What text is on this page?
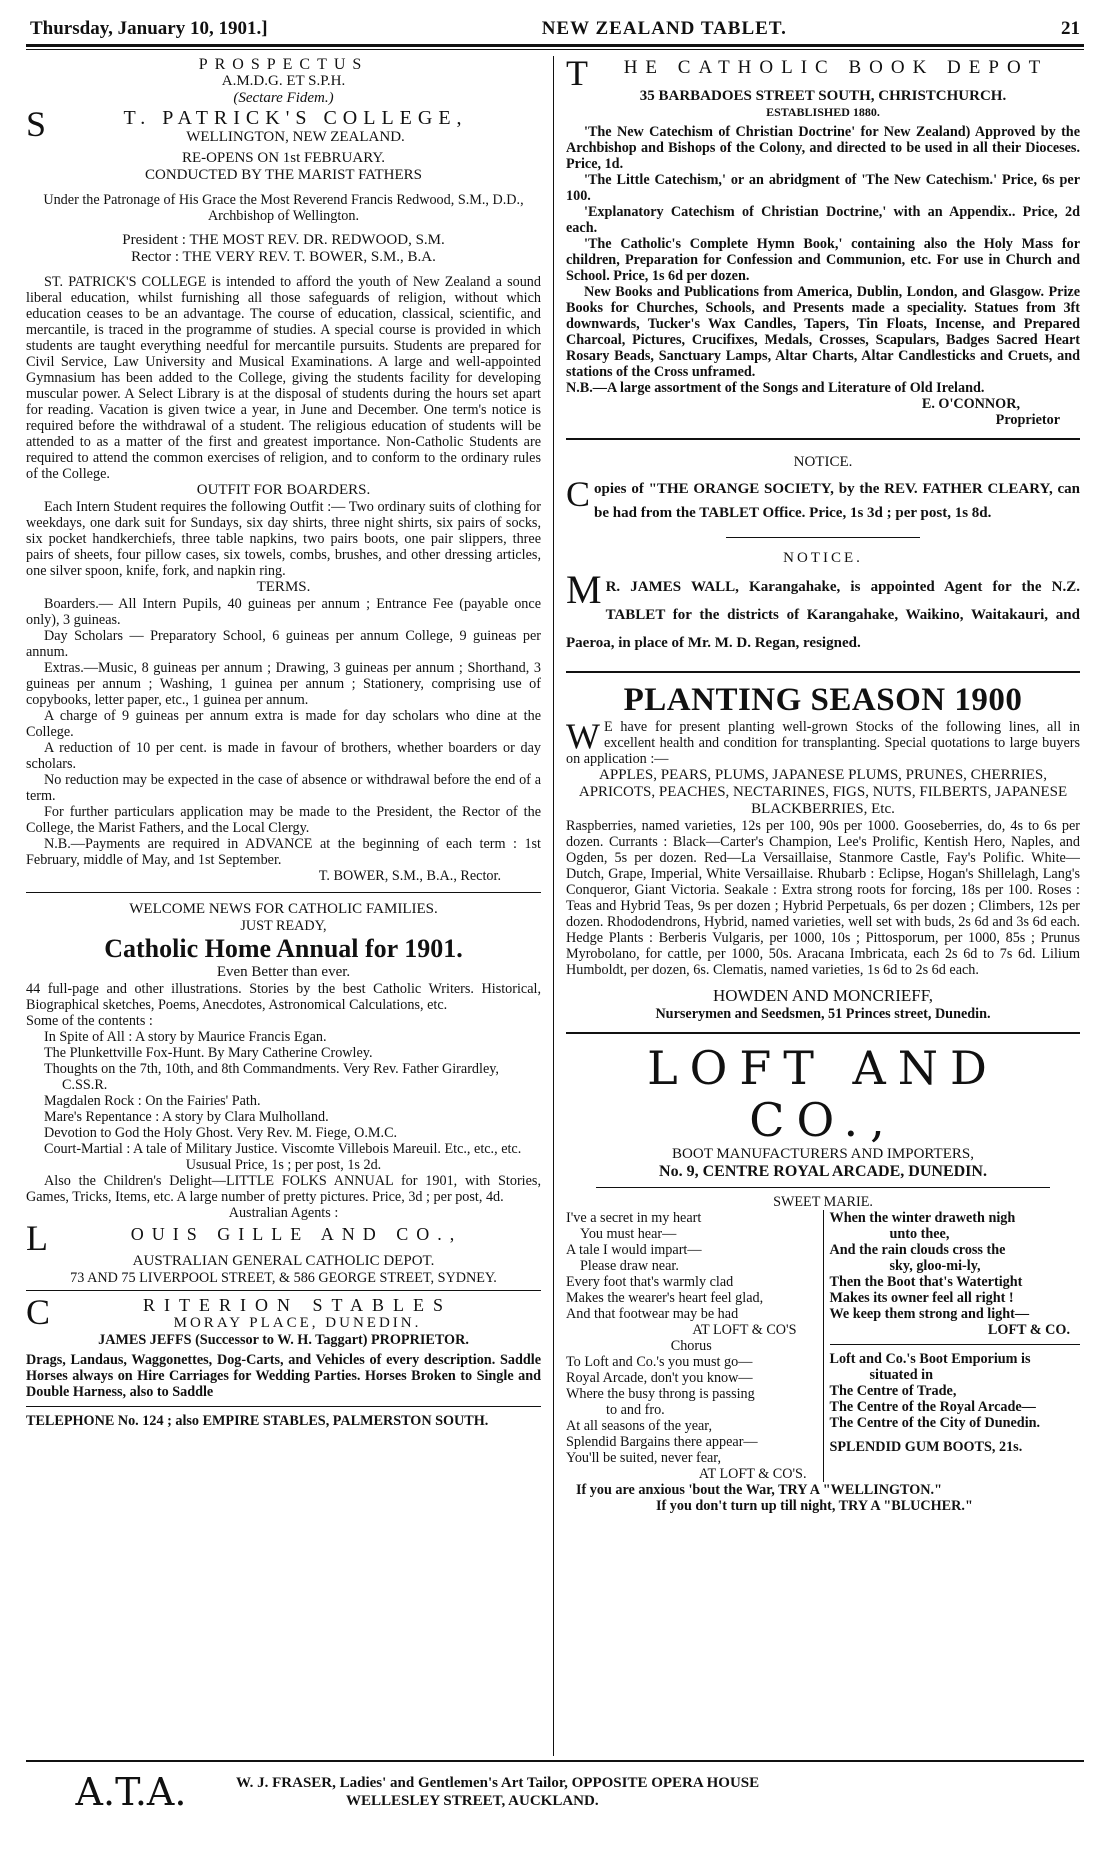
Thursday, January 10, 1901.]	NEW ZEALAND TABLET.	21

PROSPECTUS

A.M.D.G. ET S.P.H.

(Sectare Fidem.)

S	T. PATRICK'S COLLEGE,

WELLINGTON, NEW ZEALAND.

RE-OPENS ON 1st FEBRUARY.

CONDUCTED BY THE MARIST FATHERS

Under the Patronage of His Grace the Most Reverend Francis Redwood, S.M., D.D., Archbishop of Wellington.

President : THE MOST REV. DR. REDWOOD, S.M.

Rector : THE VERY REV. T. BOWER, S.M., B.A.

ST. PATRICK'S COLLEGE is intended to afford the youth of New Zealand a sound liberal education, whilst furnishing all those safeguards of religion, without which education ceases to be an advantage. The course of education, classical, scientific, and mercantile, is traced in the programme of studies. A special course is provided in which students are taught everything needful for mercantile pursuits. Students are prepared for Civil Service, Law University and Musical Examinations. A large and well-appointed Gymnasium has been added to the College, giving the students facility for developing muscular power. A Select Library is at the disposal of students during the hours set apart for reading. Vacation is given twice a year, in June and December. One term's notice is required before the withdrawal of a student. The religious education of students will be attended to as a matter of the first and greatest importance. Non-Catholic Students are required to attend the common exercises of religion, and to conform to the ordinary rules of the College.

OUTFIT FOR BOARDERS.

Each Intern Student requires the following Outfit :— Two ordinary suits of clothing for weekdays, one dark suit for Sundays, six day shirts, three night shirts, six pairs of socks, six pocket handkerchiefs, three table napkins, two pairs boots, one pair slippers, three pairs of sheets, four pillow cases, six towels, combs, brushes, and other dressing articles, one silver spoon, knife, fork, and napkin ring.

TERMS.

Boarders.— All Intern Pupils, 40 guineas per annum ; Entrance Fee (payable once only), 3 guineas.

Day Scholars — Preparatory School, 6 guineas per annum College, 9 guineas per annum.

Extras.—Music, 8 guineas per annum ; Drawing, 3 guineas per annum ; Shorthand, 3 guineas per annum ; Washing, 1 guinea per annum ; Stationery, comprising use of copybooks, letter paper, etc., 1 guinea per annum.

A charge of 9 guineas per annum extra is made for day scholars who dine at the College.

A reduction of 10 per cent. is made in favour of brothers, whether boarders or day scholars.

No reduction may be expected in the case of absence or withdrawal before the end of a term.

For further particulars application may be made to the President, the Rector of the College, the Marist Fathers, and the Local Clergy.

N.B.—Payments are required in ADVANCE at the beginning of each term : 1st February, middle of May, and 1st September.

T. BOWER, S.M., B.A., Rector.

WELCOME NEWS FOR CATHOLIC FAMILIES.

JUST READY,

Catholic Home Annual for 1901.

Even Better than ever.

44 full-page and other illustrations. Stories by the best Catholic Writers. Historical, Biographical sketches, Poems, Anecdotes, Astronomical Calculations, etc.

Some of the contents :

In Spite of All : A story by Maurice Francis Egan.

The Plunkettville Fox-Hunt. By Mary Catherine Crowley.

Thoughts on the 7th, 10th, and 8th Commandments. Very Rev. Father Girardley, C.SS.R.

Magdalen Rock : On the Fairies' Path.

Mare's Repentance : A story by Clara Mulholland.

Devotion to God the Holy Ghost. Very Rev. M. Fiege, O.M.C.

Court-Martial : A tale of Military Justice. Viscomte Villebois Mareuil. Etc., etc., etc.

Ususual Price, 1s ; per post, 1s 2d.

Also the Children's Delight—LITTLE FOLKS ANNUAL for 1901, with Stories, Games, Tricks, Items, etc. A large number of pretty pictures. Price, 3d ; per post, 4d.

Australian Agents :

L	OUIS GILLE AND CO.,

AUSTRALIAN GENERAL CATHOLIC DEPOT.

73 AND 75 LIVERPOOL STREET, & 586 GEORGE STREET, SYDNEY.

C	RITERION STABLES

MORAY PLACE, DUNEDIN.

JAMES JEFFS (Successor to W. H. Taggart) PROPRIETOR.

Drags, Landaus, Waggonettes, Dog-Carts, and Vehicles of every description. Saddle Horses always on Hire Carriages for Wedding Parties. Horses Broken to Single and Double Harness, also to Saddle

TELEPHONE No. 124 ; also EMPIRE STABLES, PALMERSTON SOUTH.

T	HE CATHOLIC BOOK DEPOT

35 BARBADOES STREET SOUTH, CHRISTCHURCH.

ESTABLISHED 1880.

'The New Catechism of Christian Doctrine' for New Zealand) Approved by the Archbishop and Bishops of the Colony, and directed to be used in all their Dioceses. Price, 1d.

'The Little Catechism,' or an abridgment of 'The New Catechism.' Price, 6s per 100.

'Explanatory Catechism of Christian Doctrine,' with an Appendix.. Price, 2d each.

'The Catholic's Complete Hymn Book,' containing also the Holy Mass for children, Preparation for Confession and Communion, etc. For use in Church and School. Price, 1s 6d per dozen.

New Books and Publications from America, Dublin, London, and Glasgow. Prize Books for Churches, Schools, and Presents made a speciality. Statues from 3ft downwards, Tucker's Wax Candles, Tapers, Tin Floats, Incense, and Prepared Charcoal, Pictures, Crucifixes, Medals, Crosses, Scapulars, Badges Sacred Heart Rosary Beads, Sanctuary Lamps, Altar Charts, Altar Candlesticks and Cruets, and stations of the Cross unframed.

N.B.—A large assortment of the Songs and Literature of Old Ireland.

E. O'CONNOR,

Proprietor

NOTICE.

C opies of "THE ORANGE SOCIETY, by the REV. FATHER CLEARY, can be had from the TABLET Office. Price, 1s 3d ; per post, 1s 8d.

NOTICE.

M R. JAMES WALL, Karangahake, is appointed Agent for the N.Z. TABLET for the districts of Karangahake, Waikino, Waitakauri, and Paeroa, in place of Mr. M. D. Regan, resigned.

PLANTING SEASON 1900

W E have for present planting well-grown Stocks of the following lines, all in excellent health and condition for transplanting. Special quotations to large buyers on application :—

APPLES, PEARS, PLUMS, JAPANESE PLUMS, PRUNES, CHERRIES, APRICOTS, PEACHES, NECTARINES, FIGS, NUTS, FILBERTS, JAPANESE BLACKBERRIES, Etc.

Raspberries, named varieties, 12s per 100, 90s per 1000. Gooseberries, do, 4s to 6s per dozen. Currants : Black—Carter's Champion, Lee's Prolific, Kentish Hero, Naples, and Ogden, 5s per dozen. Red—La Versaillaise, Stanmore Castle, Fay's Polific. White—Dutch, Grape, Imperial, White Versaillaise. Rhubarb : Eclipse, Hogan's Shillelagh, Lang's Conqueror, Giant Victoria. Seakale : Extra strong roots for forcing, 18s per 100. Roses : Teas and Hybrid Teas, 9s per dozen ; Hybrid Perpetuals, 6s per dozen ; Climbers, 12s per dozen. Rhododendrons, Hybrid, named varieties, well set with buds, 2s 6d and 3s 6d each. Hedge Plants : Berberis Vulgaris, per 1000, 10s ; Pittosporum, per 1000, 85s ; Prunus Myrobolano, for cattle, per 1000, 50s. Aracana Imbricata, each 2s 6d to 7s 6d. Lilium Humboldt, per dozen, 6s. Clematis, named varieties, 1s 6d to 2s 6d each.

HOWDEN AND MONCRIEFF,

Nurserymen and Seedsmen, 51 Princes street, Dunedin.

LOFT AND CO.,

BOOT MANUFACTURERS AND IMPORTERS,

No. 9, CENTRE ROYAL ARCADE, DUNEDIN.

SWEET MARIE.

I've a secret in my heart

You must hear—

A tale I would impart—

Please draw near.

Every foot that's warmly clad

Makes the wearer's heart feel glad,

And that footwear may be had

AT LOFT & CO'S

Chorus

To Loft and Co.'s you must go—

Royal Arcade, don't you know—

Where the busy throng is passing

to and fro.

At all seasons of the year,

Splendid Bargains there appear—

You'll be suited, never fear,

AT LOFT & CO'S.

When the winter draweth nigh

unto thee,

And the rain clouds cross the

sky, gloo-mi-ly,

Then the Boot that's Watertight

Makes its owner feel all right !

We keep them strong and light—

LOFT & CO.

Loft and Co.'s Boot Emporium is

situated in

The Centre of Trade,

The Centre of the Royal Arcade—

The Centre of the City of Dunedin.

SPLENDID GUM BOOTS, 21s.

If you are anxious 'bout the War, TRY A "WELLINGTON."

If you don't turn up till night, TRY A "BLUCHER."

A.T.A.	W. J. FRASER, Ladies' and Gentlemen's Art Tailor, OPPOSITE OPERA HOUSE

WELLESLEY STREET, AUCKLAND.
